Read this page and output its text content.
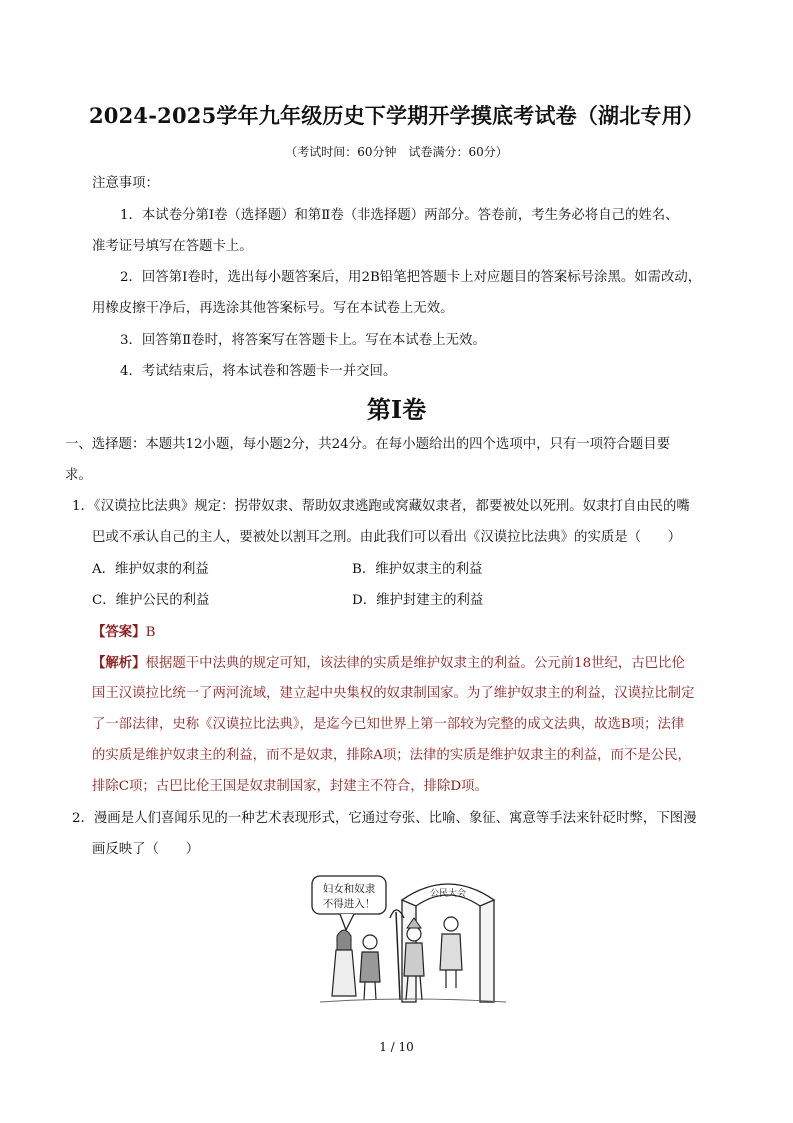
2024-2025学年九年级历史下学期开学摸底考试卷（湖北专用）
（考试时间：60分钟　试卷满分：60分）
注意事项：
1．本试卷分第Ⅰ卷（选择题）和第Ⅱ卷（非选择题）两部分。答卷前，考生务必将自己的姓名、
准考证号填写在答题卡上。
2．回答第Ⅰ卷时，选出每小题答案后，用2B铅笔把答题卡上对应题目的答案标号涂黑。如需改动，
用橡皮擦干净后，再选涂其他答案标号。写在本试卷上无效。
3．回答第Ⅱ卷时，将答案写在答题卡上。写在本试卷上无效。
4．考试结束后，将本试卷和答题卡一并交回。
第Ⅰ卷
一、选择题：本题共12小题，每小题2分，共24分。在每小题给出的四个选项中，只有一项符合题目要
求。
1．《汉谟拉比法典》规定：拐带奴隶、帮助奴隶逃跑或窝藏奴隶者，都要被处以死刑。奴隶打自由民的嘴
巴或不承认自己的主人，要被处以割耳之刑。由此我们可以看出《汉谟拉比法典》的实质是（　　）
A．维护奴隶的利益	B．维护奴隶主的利益
C．维护公民的利益	D．维护封建主的利益
【答案】B
【解析】根据题干中法典的规定可知，该法律的实质是维护奴隶主的利益。公元前18世纪，古巴比伦
国王汉谟拉比统一了两河流域，建立起中央集权的奴隶制国家。为了维护奴隶主的利益，汉谟拉比制定
了一部法律，史称《汉谟拉比法典》，是迄今已知世界上第一部较为完整的成文法典，故选B项；法律
的实质是维护奴隶主的利益，而不是奴隶，排除A项；法律的实质是维护奴隶主的利益，而不是公民，
排除C项；古巴比伦王国是奴隶制国家，封建主不符合，排除D项。
2．漫画是人们喜闻乐见的一种艺术表现形式，它通过夸张、比喻、象征、寓意等手法来针砭时弊，下图漫
画反映了（　　）
妇女和奴隶
不得进入！
公民大会
1 / 10
